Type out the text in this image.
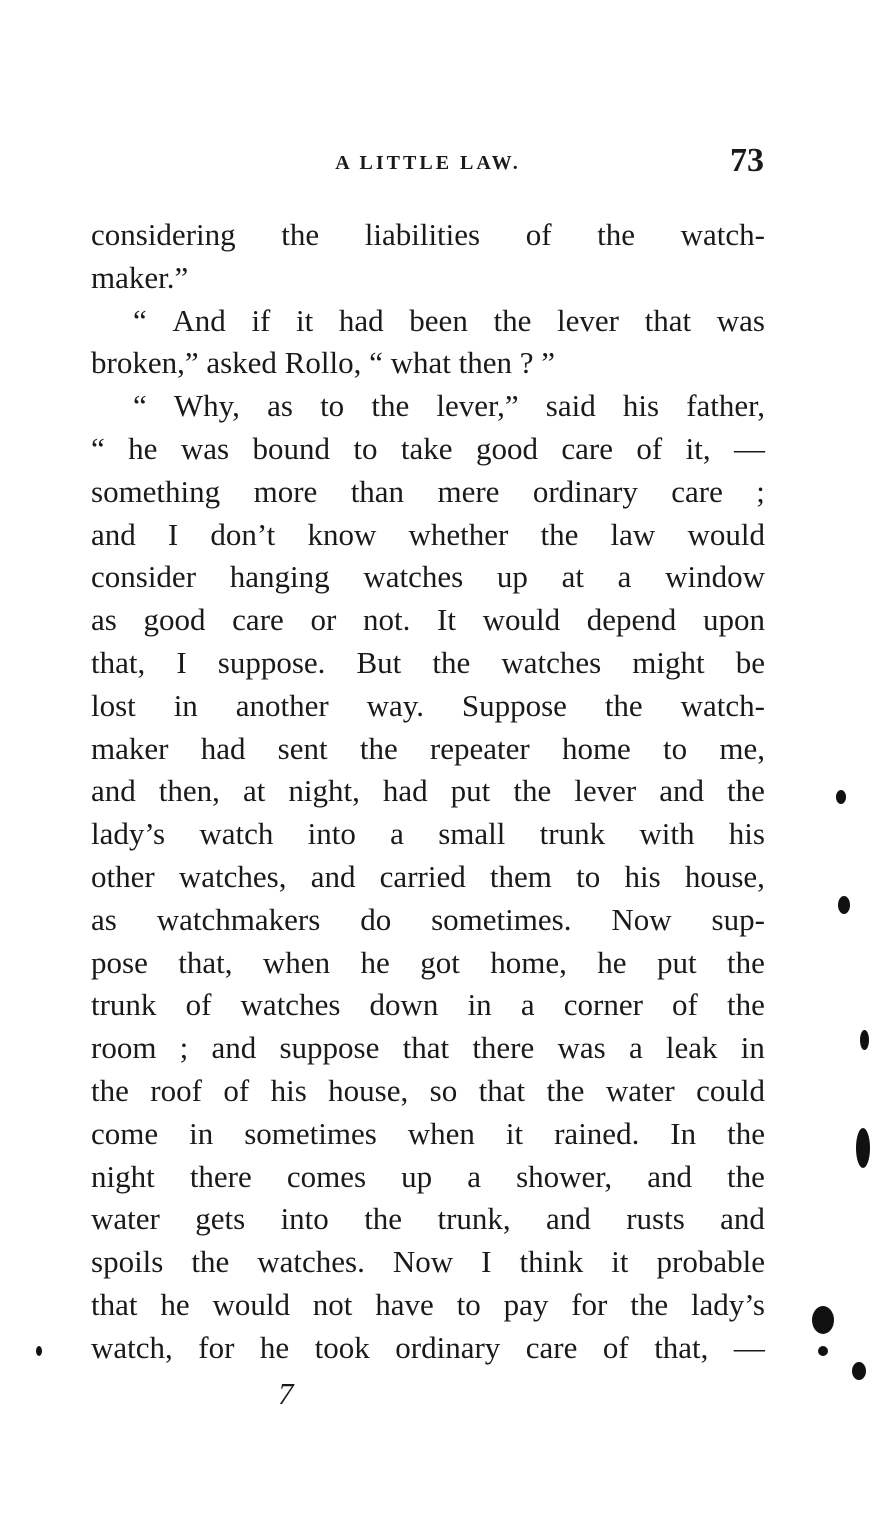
A LITTLE LAW.	73
considering the liabilities of the watch-
maker.”
“ And if it had been the lever that was
broken,” asked Rollo, “ what then ? ”
“ Why, as to the lever,” said his father,
“ he was bound to take good care of it, —
something more than mere ordinary care ;
and I don’t know whether the law would
consider hanging watches up at a window
as good care or not. It would depend upon
that, I suppose. But the watches might be
lost in another way. Suppose the watch-
maker had sent the repeater home to me,
and then, at night, had put the lever and the
lady’s watch into a small trunk with his
other watches, and carried them to his house,
as watchmakers do sometimes. Now sup-
pose that, when he got home, he put the
trunk of watches down in a corner of the
room ; and suppose that there was a leak in
the roof of his house, so that the water could
come in sometimes when it rained. In the
night there comes up a shower, and the
water gets into the trunk, and rusts and
spoils the watches. Now I think it probable
that he would not have to pay for the lady’s
watch, for he took ordinary care of that, —
7
